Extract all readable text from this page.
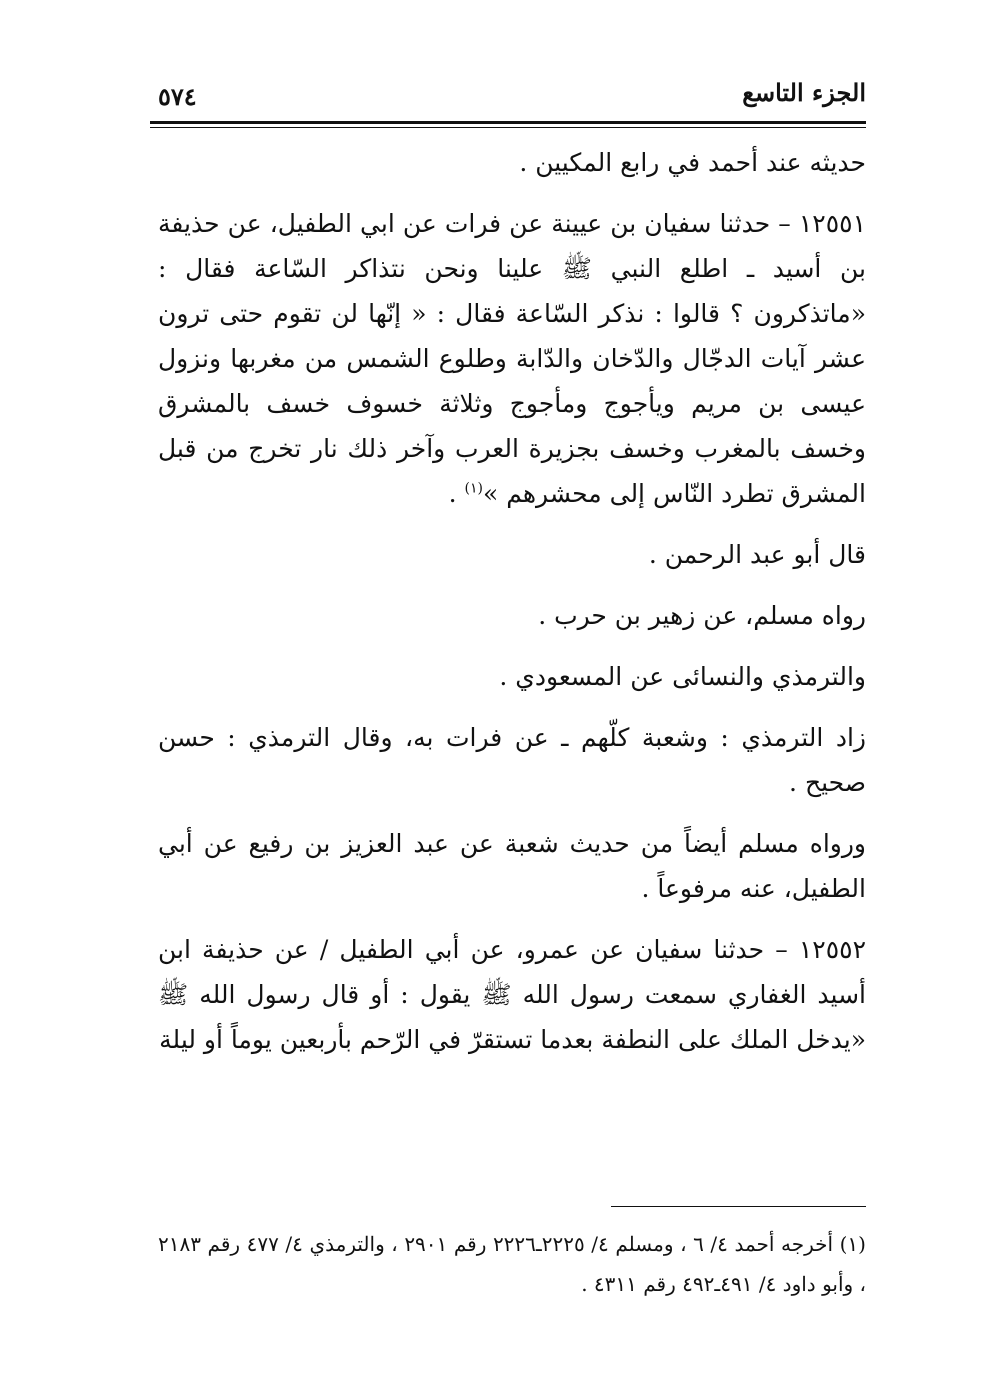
الجزء التاسع
٥٧٤

حديثه عند أحمد في رابع المكيين .

١٢٥٥١ – حدثنا سفيان بن عيينة عن فرات عن ابي الطفيل، عن حذيفة بن أسيد ـ اطلع النبي ﷺ علينا ونحن نتذاكر السّاعة فقال : «ماتذكرون ؟ قالوا : نذكر السّاعة فقال : « إنّها لن تقوم حتى ترون عشر آيات الدجّال والدّخان والدّابة وطلوع الشمس من مغربها ونزول عيسى بن مريم ويأجوج ومأجوج وثلاثة خسوف خسف بالمشرق وخسف بالمغرب وخسف بجزيرة العرب وآخر ذلك نار تخرج من قبل المشرق تطرد النّاس إلى محشرهم »$^{(١)}$ .

قال أبو عبد الرحمن .

رواه مسلم، عن زهير بن حرب .

والترمذي والنسائى عن المسعودي .

زاد الترمذي : وشعبة كلّهم ـ عن فرات به، وقال الترمذي : حسن صحيح .

ورواه مسلم أيضاً من حديث شعبة عن عبد العزيز بن رفيع عن أبي الطفيل، عنه مرفوعاً .

١٢٥٥٢ – حدثنا سفيان عن عمرو، عن أبي الطفيل / عن حذيفة ابن أسيد الغفاري سمعت رسول الله ﷺ يقول : أو قال رسول الله ﷺ «يدخل الملك على النطفة بعدما تستقرّ في الرّحم بأربعين يوماً أو ليلة

(١) أخرجه أحمد ٤/ ٦ ، ومسلم ٤/ ٢٢٢٥ـ٢٢٢٦ رقم ٢٩٠١ ، والترمذي ٤/ ٤٧٧ رقم ٢١٨٣ ، وأبو داود ٤/ ٤٩١ـ٤٩٢ رقم ٤٣١١ .
